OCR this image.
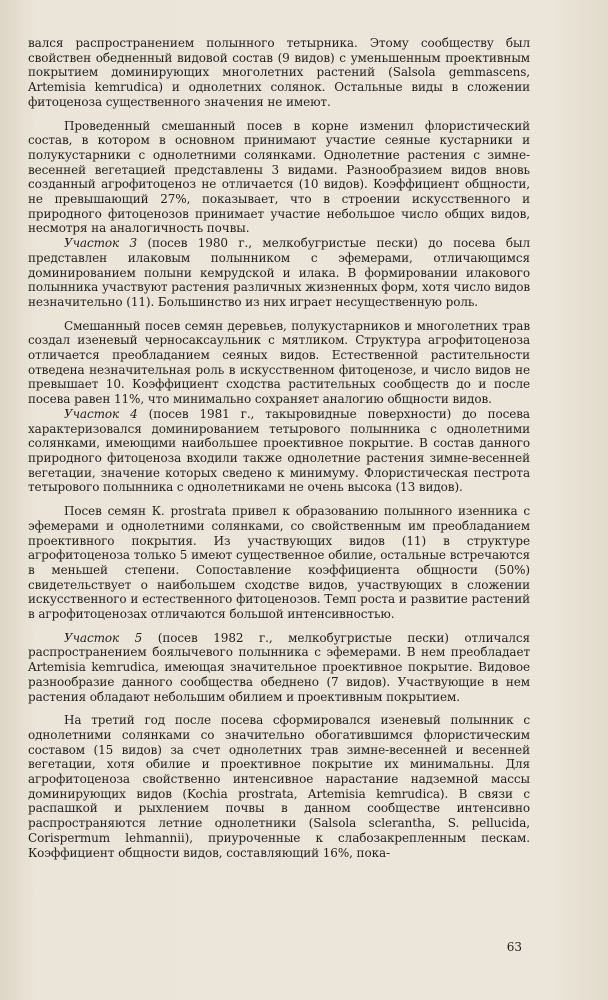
вался распространением полынного тетырника. Этому сообществу был свойствен обедненный видовой состав (9 видов) с уменьшенным проективным покрытием доминирующих многолетних растений (Salsola gemmascens, Artemisia kemrudica) и однолетних солянок. Остальные виды в сложении фитоценоза существенного значения не имеют.

Проведенный смешанный посев в корне изменил флористический состав, в котором в основном принимают участие сеяные кустарники и полукустарники с однолетними солянками. Однолетние растения с зимне-весенней вегетацией представлены 3 видами. Разнообразием видов вновь созданный агрофитоценоз не отличается (10 видов). Коэффициент общности, не превышающий 27%, показывает, что в строении искусственного и природного фитоценозов принимает участие небольшое число общих видов, несмотря на аналогичность почвы.

Участок 3 (посев 1980 г., мелкобугристые пески) до посева был представлен илаковым полынником с эфемерами, отличающимся доминированием полыни кемрудской и илака. В формировании илакового полынника участвуют растения различных жизненных форм, хотя число видов незначительно (11). Большинство из них играет несущественную роль.

Смешанный посев семян деревьев, полукустарников и многолетних трав создал изеневый черносаксаульник с мятликом. Структура агрофитоценоза отличается преобладанием сеяных видов. Естественной растительности отведена незначительная роль в искусственном фитоценозе, и число видов не превышает 10. Коэффициент сходства растительных сообществ до и после посева равен 11%, что минимально сохраняет аналогию общности видов.

Участок 4 (посев 1981 г., такыровидные поверхности) до посева характеризовался доминированием тетырового полынника с однолетними солянками, имеющими наибольшее проективное покрытие. В состав данного природного фитоценоза входили также однолетние растения зимне-весенней вегетации, значение которых сведено к минимуму. Флористическая пестрота тетырового полынника с однолетниками не очень высока (13 видов).

Посев семян К. prostrata привел к образованию полынного изенника с эфемерами и однолетними солянками, со свойственным им преобладанием проективного покрытия. Из участвующих видов (11) в структуре агрофитоценоза только 5 имеют существенное обилие, остальные встречаются в меньшей степени. Сопоставление коэффициента общности (50%) свидетельствует о наибольшем сходстве видов, участвующих в сложении искусственного и естественного фитоценозов. Темп роста и развитие растений в агрофитоценозах отличаются большой интенсивностью.

Участок 5 (посев 1982 г., мелкобугристые пески) отличался распространением боялычевого полынника с эфемерами. В нем преобладает Artemisia kemrudica, имеющая значительное проективное покрытие. Видовое разнообразие данного сообщества обеднено (7 видов). Участвующие в нем растения обладают небольшим обилием и проективным покрытием.

На третий год после посева сформировался изеневый полынник с однолетними солянками со значительно обогатившимся флористическим составом (15 видов) за счет однолетних трав зимне-весенней и весенней вегетации, хотя обилие и проективное покрытие их минимальны. Для агрофитоценоза свойственно интенсивное нарастание надземной массы доминирующих видов (Kochia prostrata, Artemisia kemrudica). В связи с распашкой и рыхлением почвы в данном сообществе интенсивно распространяются летние однолетники (Salsola scleranthа, S. pellucida, Corispermum lehmannii), приуроченные к слабозакрепленным пескам. Коэффициент общности видов, составляющий 16%, пока-

63
